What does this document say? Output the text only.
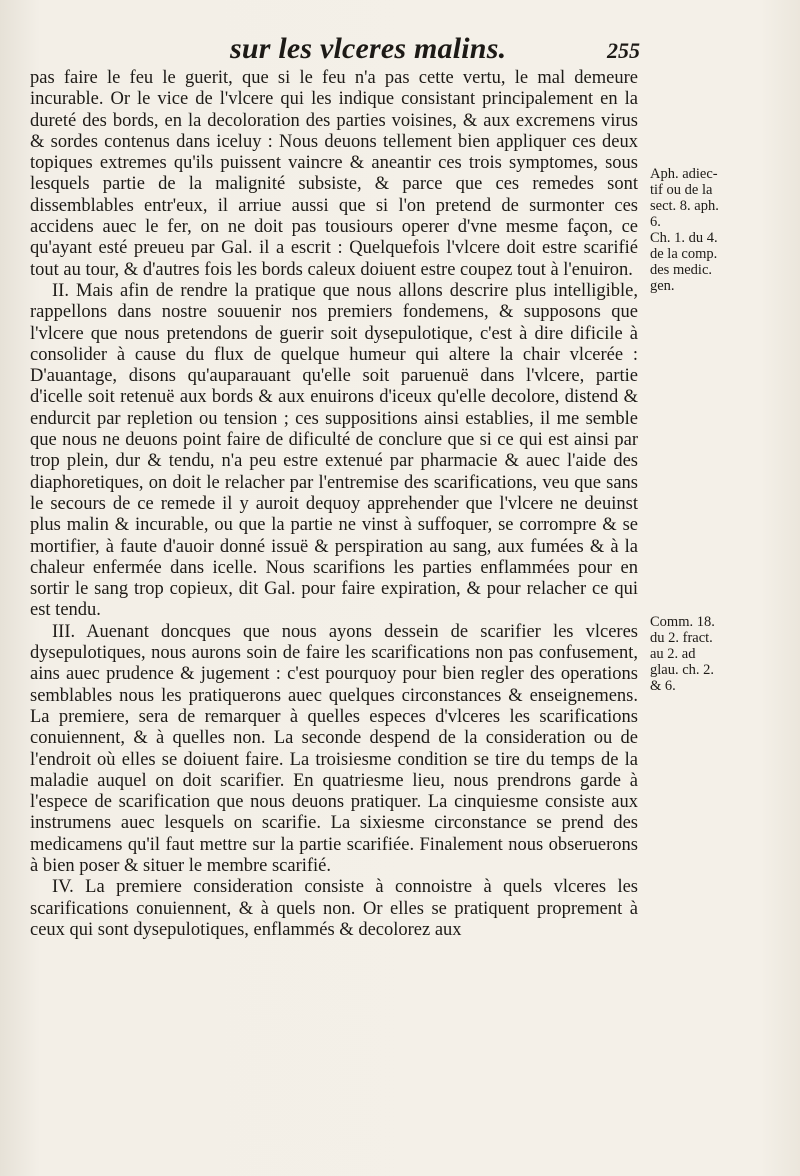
sur les vlceres malins.	255

pas faire le feu le guerit, que si le feu n'a pas cette vertu, le mal demeure incurable. Or le vice de l'vlcere qui les indique consistant principalement en la dureté des bords, en la decoloration des parties voisines, & aux excremens virus & sordes contenus dans iceluy : Nous deuons tellement bien appliquer ces deux topiques extremes qu'ils puissent vaincre & aneantir ces trois symptomes, sous lesquels partie de la malignité subsiste, & parce que ces remedes sont dissemblables entr'eux, il arriue aussi que si l'on pretend de surmonter ces accidens auec le fer, on ne doit pas tousiours operer d'vne mesme façon, ce qu'ayant esté preueu par Gal. il a escrit : Quelquefois l'vlcere doit estre scarifié tout au tour, & d'autres fois les bords caleux doiuent estre coupez tout à l'enuiron.

II. Mais afin de rendre la pratique que nous allons descrire plus intelligible, rappellons dans nostre souuenir nos premiers fondemens, & supposons que l'vlcere que nous pretendons de guerir soit dysepulotique, c'est à dire dificile à consolider à cause du flux de quelque humeur qui altere la chair vlcerée : D'auantage, disons qu'auparauant qu'elle soit paruenuë dans l'vlcere, partie d'icelle soit retenuë aux bords & aux enuirons d'iceux qu'elle decolore, distend & endurcit par repletion ou tension ; ces suppositions ainsi establies, il me semble que nous ne deuons point faire de dificulté de conclure que si ce qui est ainsi par trop plein, dur & tendu, n'a peu estre extenué par pharmacie & auec l'aide des diaphoretiques, on doit le relacher par l'entremise des scarifications, veu que sans le secours de ce remede il y auroit dequoy apprehender que l'vlcere ne deuinst plus malin & incurable, ou que la partie ne vinst à suffoquer, se corrompre & se mortifier, à faute d'auoir donné issuë & perspiration au sang, aux fumées & à la chaleur enfermée dans icelle. Nous scarifions les parties enflammées pour en sortir le sang trop copieux, dit Gal. pour faire expiration, & pour relacher ce qui est tendu.

III. Auenant doncques que nous ayons dessein de scarifier les vlceres dysepulotiques, nous aurons soin de faire les scarifications non pas confusement, ains auec prudence & jugement : c'est pourquoy pour bien regler des operations semblables nous les pratiquerons auec quelques circonstances & enseignemens. La premiere, sera de remarquer à quelles especes d'vlceres les scarifications conuiennent, & à quelles non. La seconde despend de la consideration ou de l'endroit où elles se doiuent faire. La troisiesme condition se tire du temps de la maladie auquel on doit scarifier. En quatriesme lieu, nous prendrons garde à l'espece de scarification que nous deuons pratiquer. La cinquiesme consiste aux instrumens auec lesquels on scarifie. La sixiesme circonstance se prend des medicamens qu'il faut mettre sur la partie scarifiée. Finalement nous obseruerons à bien poser & situer le membre scarifié.

IV. La premiere consideration consiste à connoistre à quels vlceres les scarifications conuiennent, & à quels non. Or elles se pratiquent proprement à ceux qui sont dysepulotiques, enflammés & decolorez aux

Aph. adiec-
tif ou de la
sect. 8. aph.
6.
Ch. 1. du 4.
de la comp.
des medic.
gen.
Comm. 18.
du 2. fract.
au 2. ad
glau. ch. 2.
& 6.
